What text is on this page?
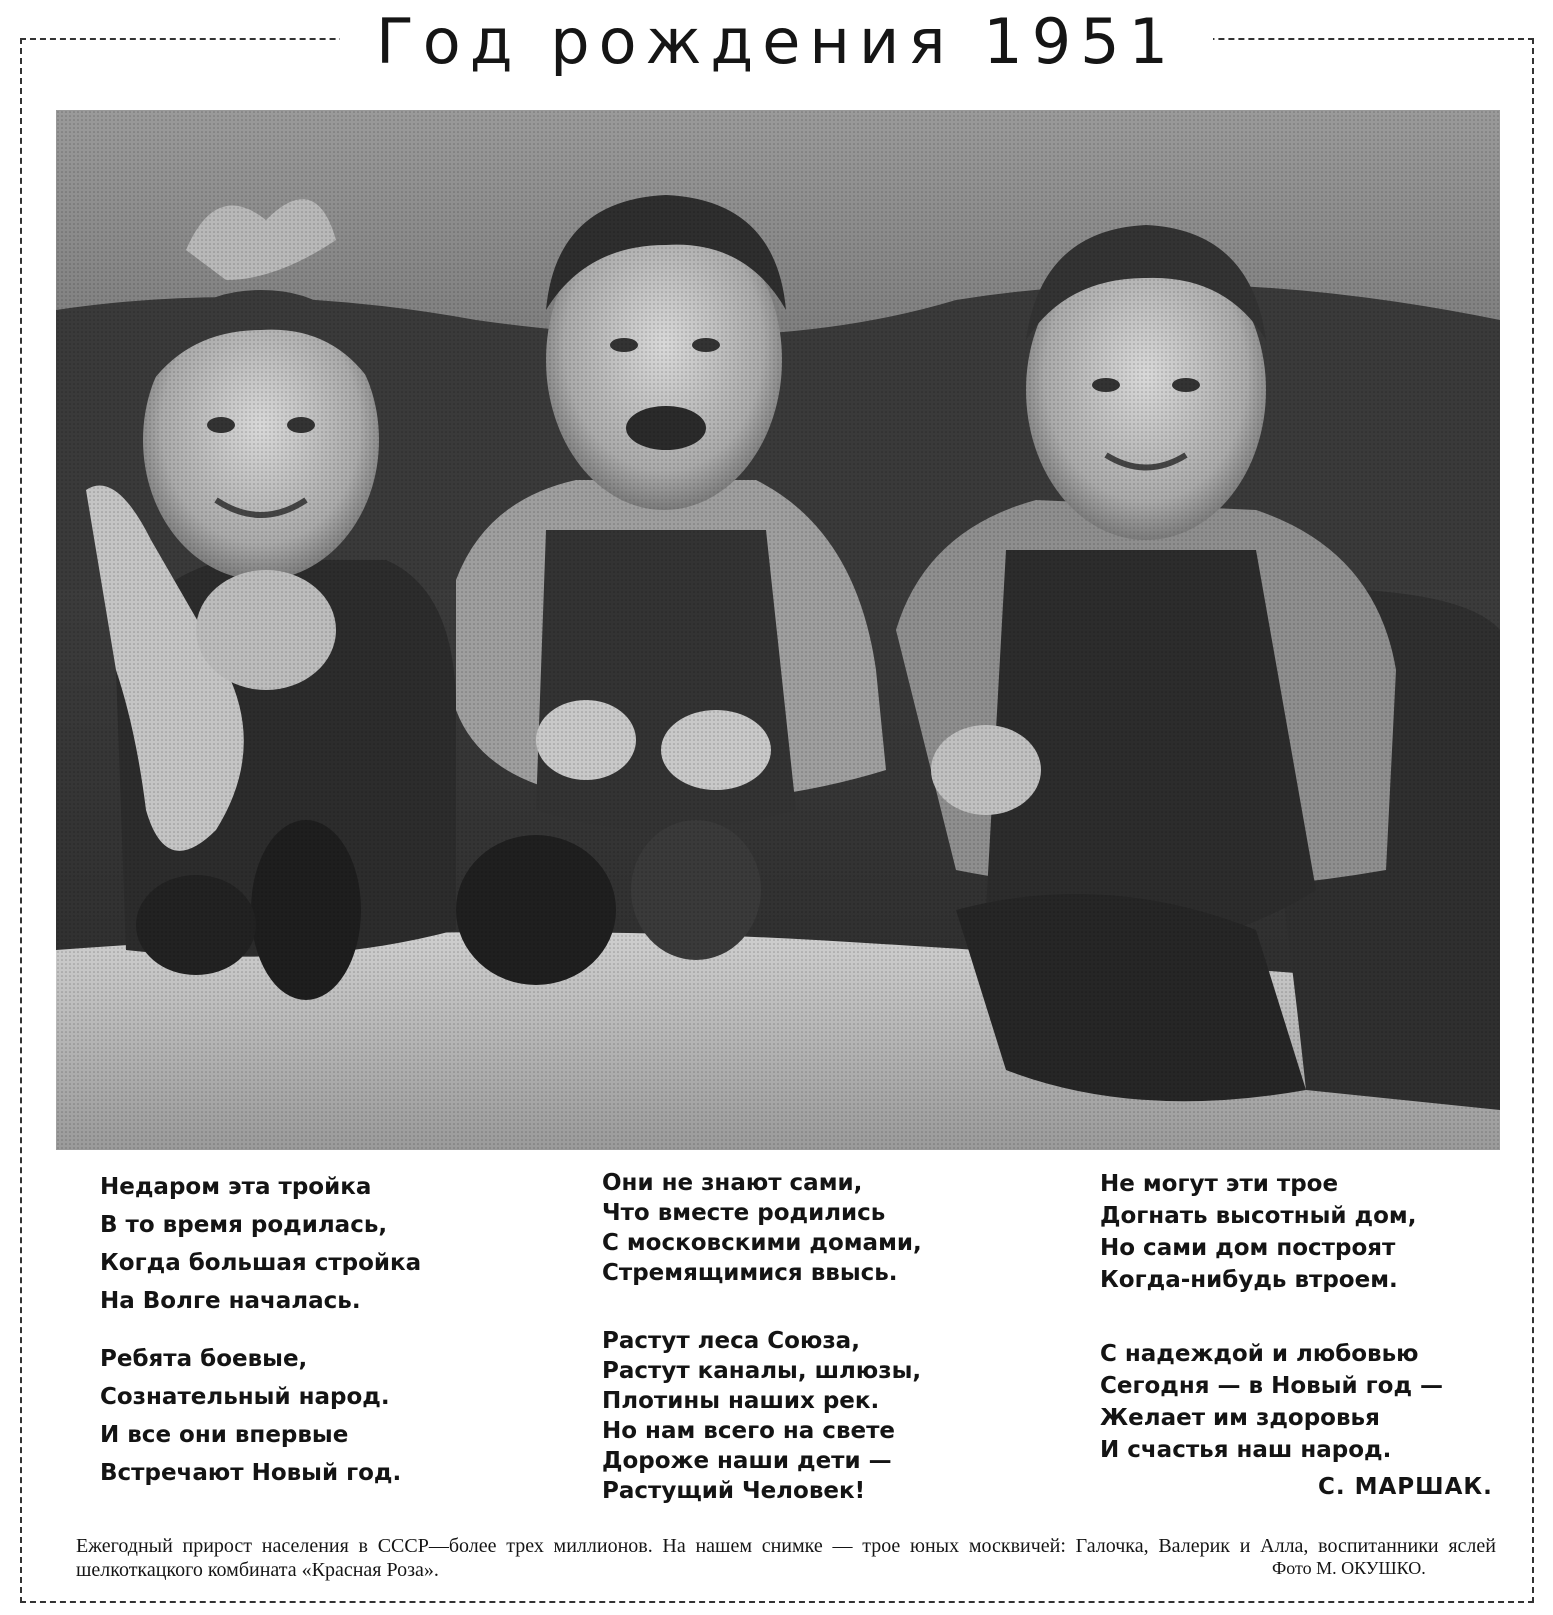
Год рождения 1951
Недаром эта тройка
В то время родилась,
Когда большая стройка
На Волге началась.
Ребята боевые,
Сознательный народ.
И все они впервые
Встречают Новый год.
Они не знают сами,
Что вместе родились
С московскими домами,
Стремящимися ввысь.
Растут леса Союза,
Растут каналы, шлюзы,
Плотины наших рек.
Но нам всего на свете
Дороже наши дети —
Растущий Человек!
Не могут эти трое
Догнать высотный дом,
Но сами дом построят
Когда-нибудь втроем.
С надеждой и любовью
Сегодня — в Новый год —
Желает им здоровья
И счастья наш народ.
С. МАРШАК.
Ежегодный прирост населения в СССР—более трех миллионов. На нашем снимке — трое юных москвичей: Галочка, Валерик и Алла, воспитанники яслей шелкоткацкого комбината «Красная Роза».	Фото М. ОКУШКО.
